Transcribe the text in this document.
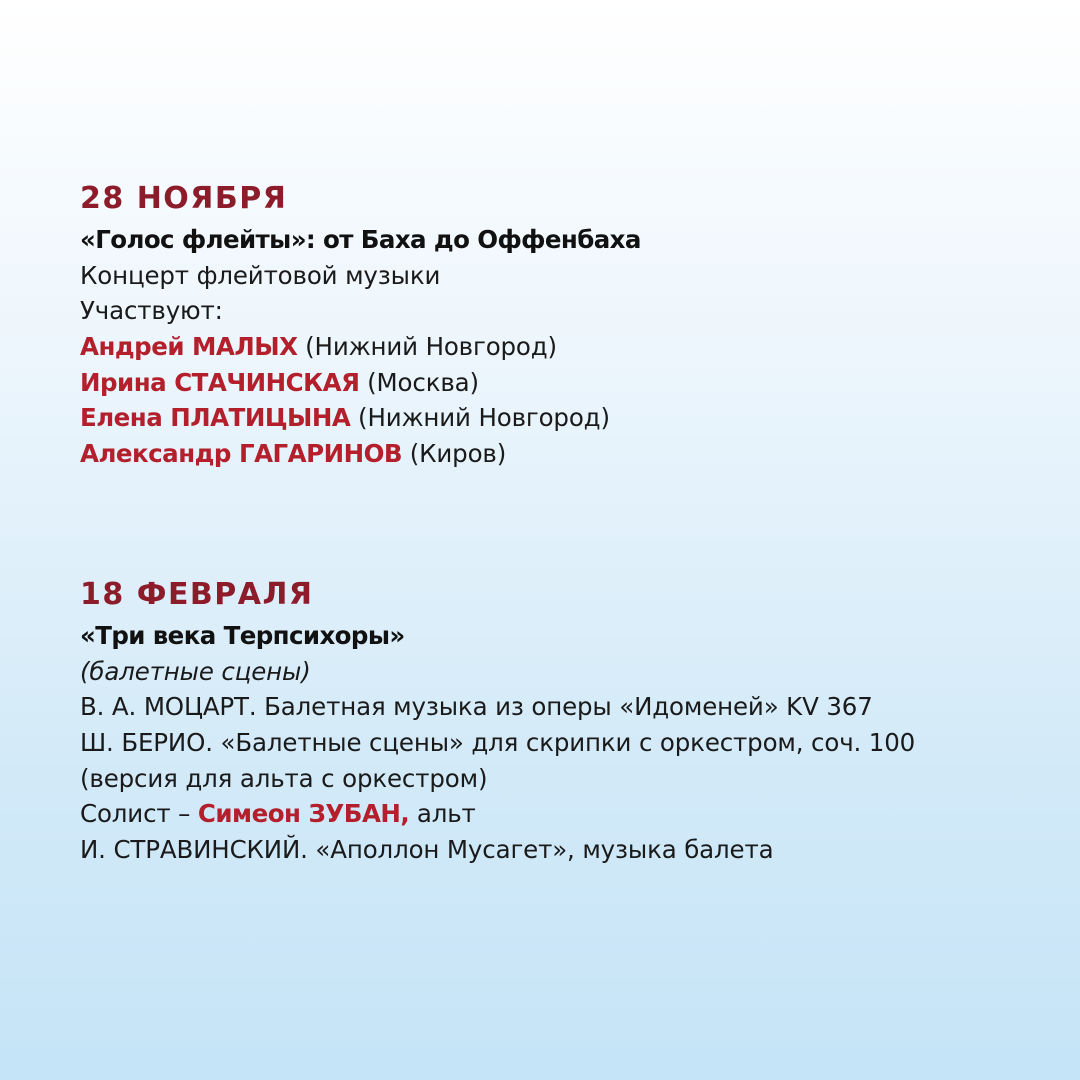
28 НОЯБРЯ
«Голос флейты»: от Баха до Оффенбаха
Концерт флейтовой музыки
Участвуют:
Андрей МАЛЫХ (Нижний Новгород)
Ирина СТАЧИНСКАЯ (Москва)
Елена ПЛАТИЦЫНА (Нижний Новгород)
Александр ГАГАРИНОВ (Киров)
18 ФЕВРАЛЯ
«Три века Терпсихоры»
(балетные сцены)
В. А. МОЦАРТ. Балетная музыка из оперы «Идоменей» KV 367
Ш. БЕРИО. «Балетные сцены» для скрипки с оркестром, соч. 100
(версия для альта с оркестром)
Солист – Симеон ЗУБАН, альт
И. СТРАВИНСКИЙ. «Аполлон Мусагет», музыка балета
